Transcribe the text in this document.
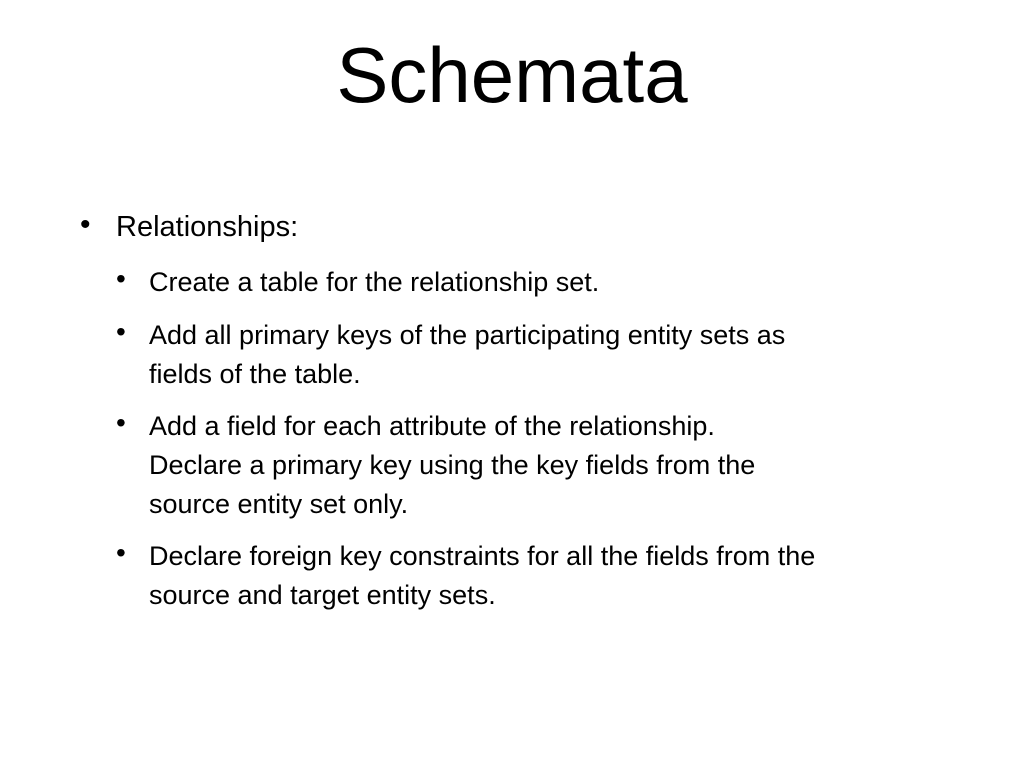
Schemata
• Relationships:
• Create a table for the relationship set.
• Add all primary keys of the participating entity sets as
fields of the table.
• Add a field for each attribute of the relationship.
Declare a primary key using the key fields from the
source entity set only.
• Declare foreign key constraints for all the fields from the
source and target entity sets.
